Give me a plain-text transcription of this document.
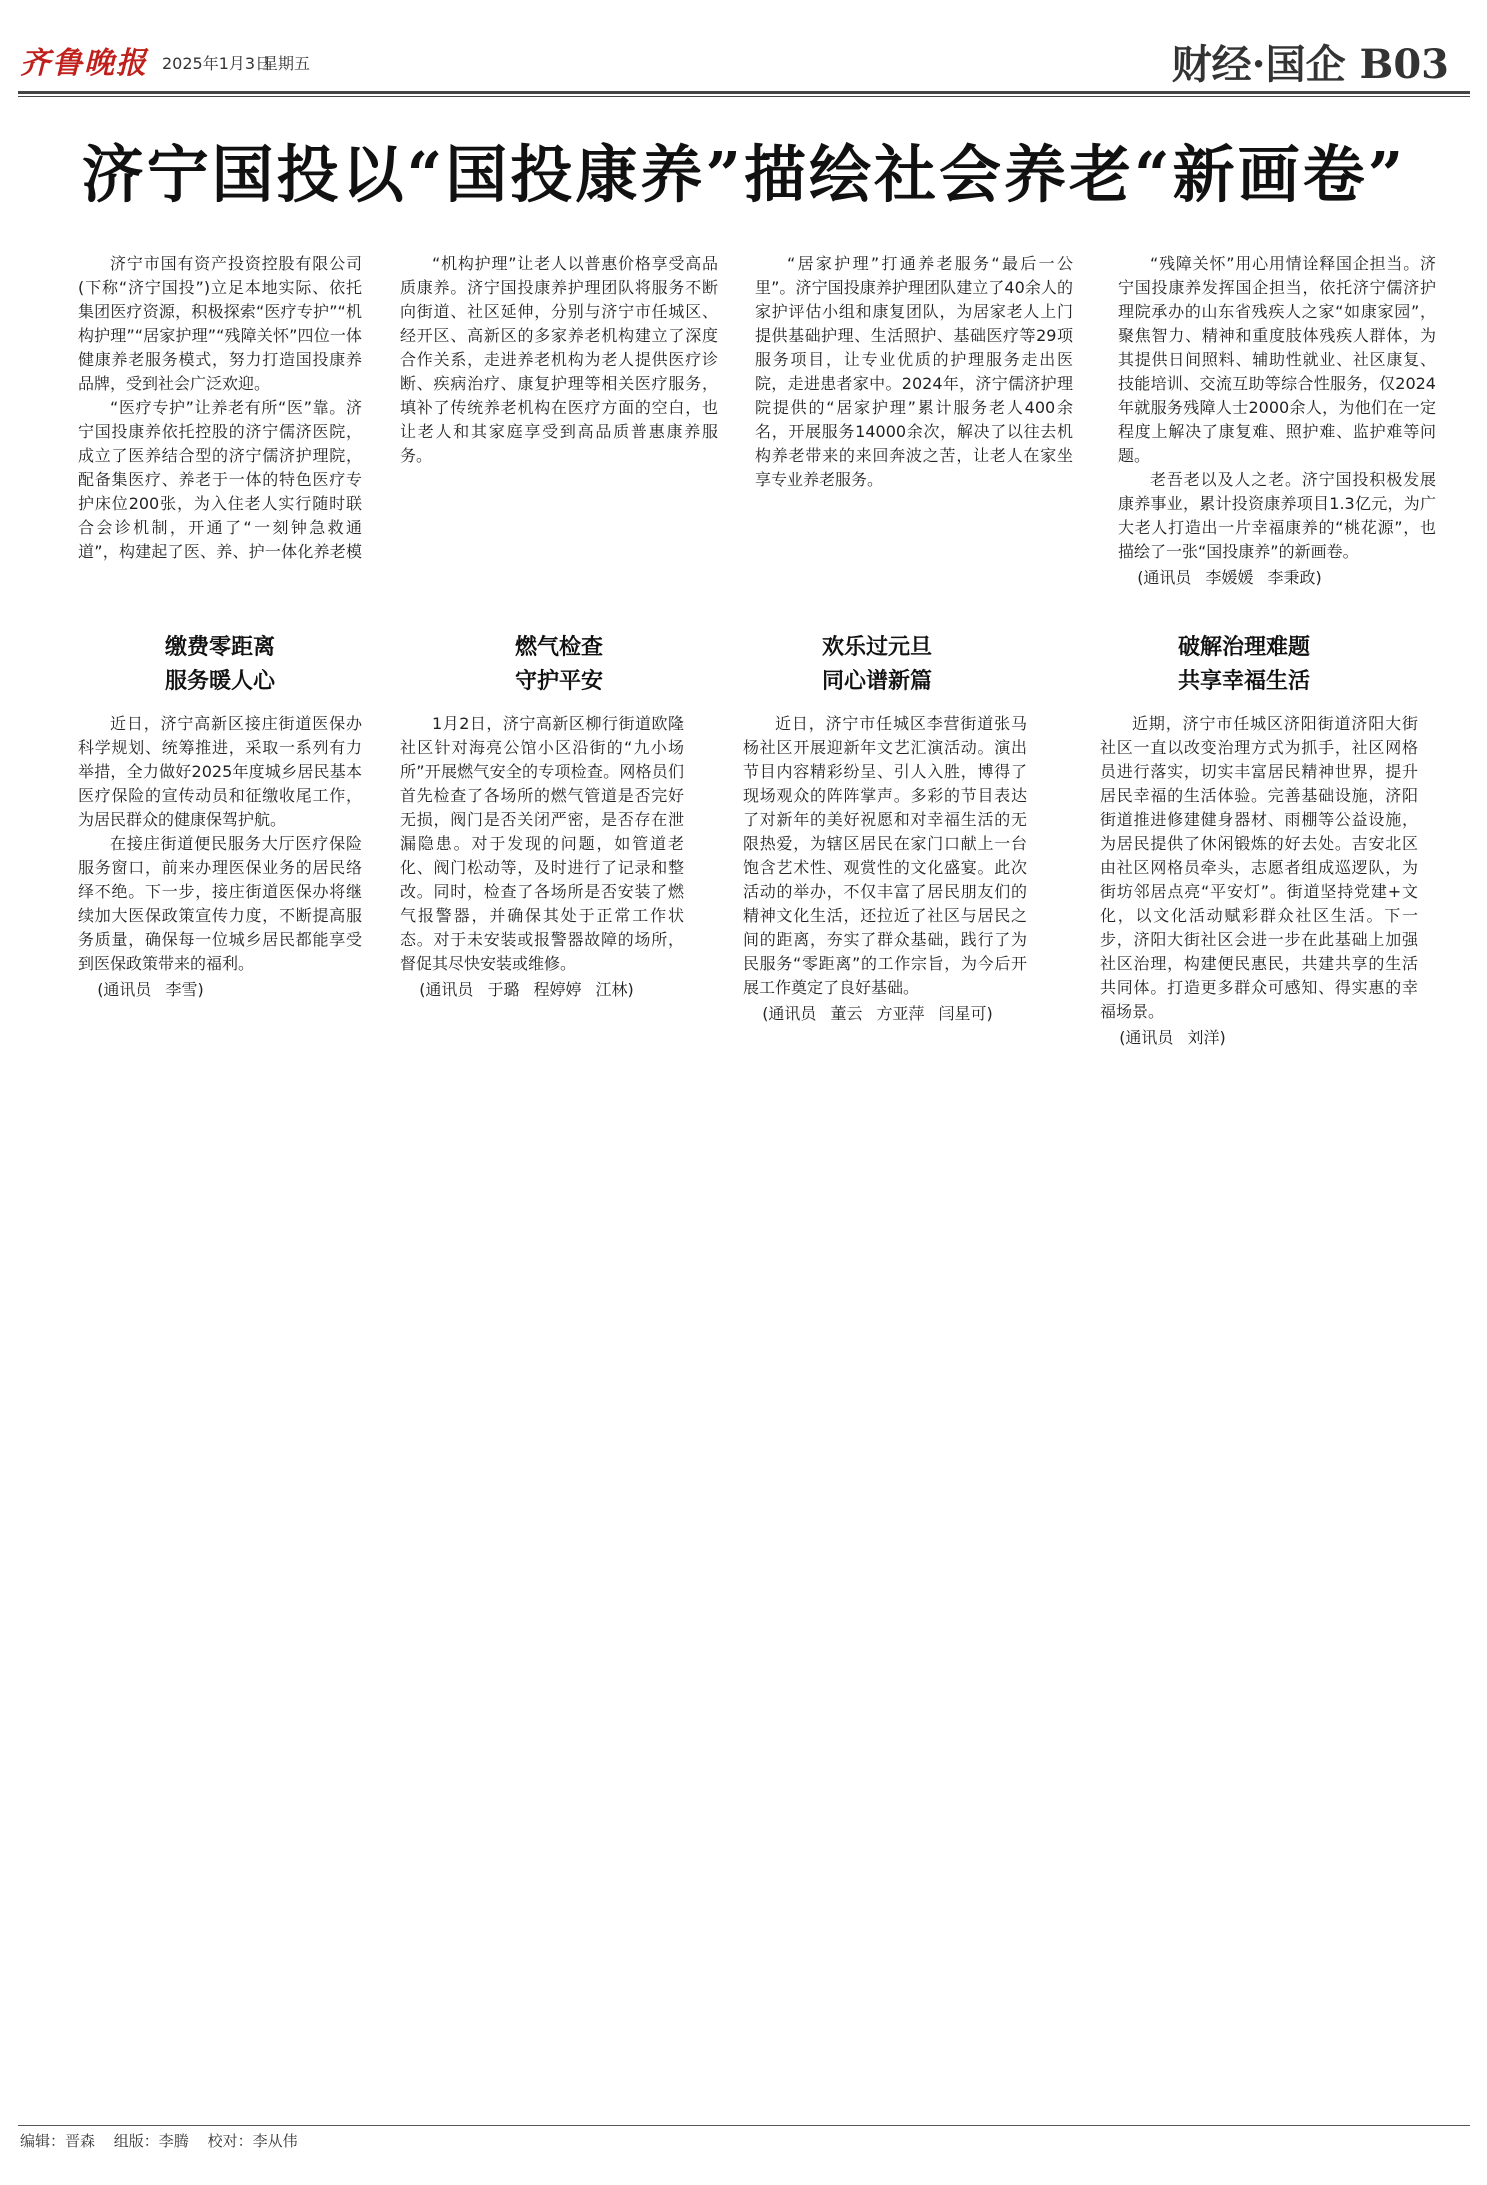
齐鲁晚报 2025年1月3日
星期五	财经·国企 B03
济宁国投以“国投康养”描绘社会养老“新画卷”

济宁市国有资产投资控股有限公司(下称“济宁国投”)立足本地实际、依托集团医疗资源，积极探索“医疗专护”“机构护理”“居家护理”“残障关怀”四位一体健康养老服务模式，努力打造国投康养品牌，受到社会广泛欢迎。

“医疗专护”让养老有所“医”靠。济宁国投康养依托控股的济宁儒济医院，成立了医养结合型的济宁儒济护理院，配备集医疗、养老于一体的特色医疗专护床位200张，为入住老人实行随时联合会诊机制，开通了“一刻钟急救通道”，构建起了医、养、护一体化养老模

“机构护理”让老人以普惠价格享受高品质康养。济宁国投康养护理团队将服务不断向街道、社区延伸，分别与济宁市任城区、经开区、高新区的多家养老机构建立了深度合作关系，走进养老机构为老人提供医疗诊断、疾病治疗、康复护理等相关医疗服务，填补了传统养老机构在医疗方面的空白，也让老人和其家庭享受到高品质普惠康养服务。

“居家护理”打通养老服务“最后一公里”。济宁国投康养护理团队建立了40余人的家护评估小组和康复团队，为居家老人上门提供基础护理、生活照护、基础医疗等29项服务项目，让专业优质的护理服务走出医院，走进患者家中。2024年，济宁儒济护理院提供的“居家护理”累计服务老人400余名，开展服务14000余次，解决了以往去机构养老带来的来回奔波之苦，让老人在家坐享专业养老服务。

“残障关怀”用心用情诠释国企担当。济宁国投康养发挥国企担当，依托济宁儒济护理院承办的山东省残疾人之家“如康家园”，聚焦智力、精神和重度肢体残疾人群体，为其提供日间照料、辅助性就业、社区康复、技能培训、交流互助等综合性服务，仅2024年就服务残障人士2000余人，为他们在一定程度上解决了康复难、照护难、监护难等问题。

老吾老以及人之老。济宁国投积极发展康养事业，累计投资康养项目1.3亿元，为广大老人打造出一片幸福康养的“桃花源”，也描绘了一张“国投康养”的新画卷。

(通讯员 李媛媛 李秉政)
缴费零距离
服务暖人心

近日，济宁高新区接庄街道医保办科学规划、统筹推进，采取一系列有力举措，全力做好2025年度城乡居民基本医疗保险的宣传动员和征缴收尾工作，为居民群众的健康保驾护航。

在接庄街道便民服务大厅医疗保险服务窗口，前来办理医保业务的居民络绎不绝。下一步，接庄街道医保办将继续加大医保政策宣传力度，不断提高服务质量，确保每一位城乡居民都能享受到医保政策带来的福利。

(通讯员 李雪)
燃气检查
守护平安

1月2日，济宁高新区柳行街道欧隆社区针对海亮公馆小区沿街的“九小场所”开展燃气安全的专项检查。网格员们首先检查了各场所的燃气管道是否完好无损，阀门是否关闭严密，是否存在泄漏隐患。对于发现的问题，如管道老化、阀门松动等，及时进行了记录和整改。同时，检查了各场所是否安装了燃气报警器，并确保其处于正常工作状态。对于未安装或报警器故障的场所，督促其尽快安装或维修。

(通讯员 于璐 程婷婷 江林)
欢乐过元旦
同心谱新篇

近日，济宁市任城区李营街道张马杨社区开展迎新年文艺汇演活动。演出节目内容精彩纷呈、引人入胜，博得了现场观众的阵阵掌声。多彩的节目表达了对新年的美好祝愿和对幸福生活的无限热爱，为辖区居民在家门口献上一台饱含艺术性、观赏性的文化盛宴。此次活动的举办，不仅丰富了居民朋友们的精神文化生活，还拉近了社区与居民之间的距离，夯实了群众基础，践行了为民服务“零距离”的工作宗旨，为今后开展工作奠定了良好基础。

(通讯员 董云 方亚萍 闫星可)
破解治理难题
共享幸福生活

近期，济宁市任城区济阳街道济阳大街社区一直以改变治理方式为抓手，社区网格员进行落实，切实丰富居民精神世界，提升居民幸福的生活体验。完善基础设施，济阳街道推进修建健身器材、雨棚等公益设施，为居民提供了休闲锻炼的好去处。吉安北区由社区网格员牵头，志愿者组成巡逻队，为街坊邻居点亮“平安灯”。街道坚持党建+文化，以文化活动赋彩群众社区生活。下一步，济阳大街社区会进一步在此基础上加强社区治理，构建便民惠民，共建共享的生活共同体。打造更多群众可感知、得实惠的幸福场景。

(通讯员 刘洋)
编辑：晋森 组版：李腾 校对：李从伟
